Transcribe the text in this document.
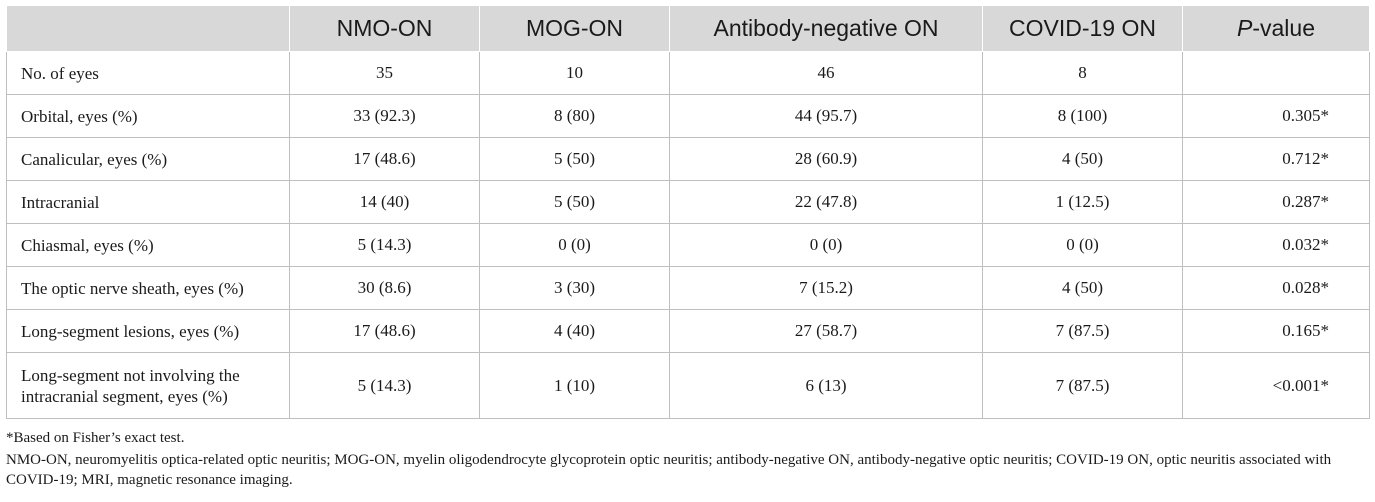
	NMO-ON	MOG-ON	Antibody-negative ON	COVID-19 ON	P-value
No. of eyes	35	10	46	8	
Orbital, eyes (%)	33 (92.3)	8 (80)	44 (95.7)	8 (100)	0.305*
Canalicular, eyes (%)	17 (48.6)	5 (50)	28 (60.9)	4 (50)	0.712*
Intracranial	14 (40)	5 (50)	22 (47.8)	1 (12.5)	0.287*
Chiasmal, eyes (%)	5 (14.3)	0 (0)	0 (0)	0 (0)	0.032*
The optic nerve sheath, eyes (%)	30 (8.6)	3 (30)	7 (15.2)	4 (50)	0.028*
Long-segment lesions, eyes (%)	17 (48.6)	4 (40)	27 (58.7)	7 (87.5)	0.165*
Long-segment not involving the intracranial segment, eyes (%)	5 (14.3)	1 (10)	6 (13)	7 (87.5)	<0.001*

*Based on Fisher’s exact test.

NMO-ON, neuromyelitis optica-related optic neuritis; MOG-ON, myelin oligodendrocyte glycoprotein optic neuritis; antibody-negative ON, antibody-negative optic neuritis; COVID-19 ON, optic neuritis associated with COVID-19; MRI, magnetic resonance imaging.
